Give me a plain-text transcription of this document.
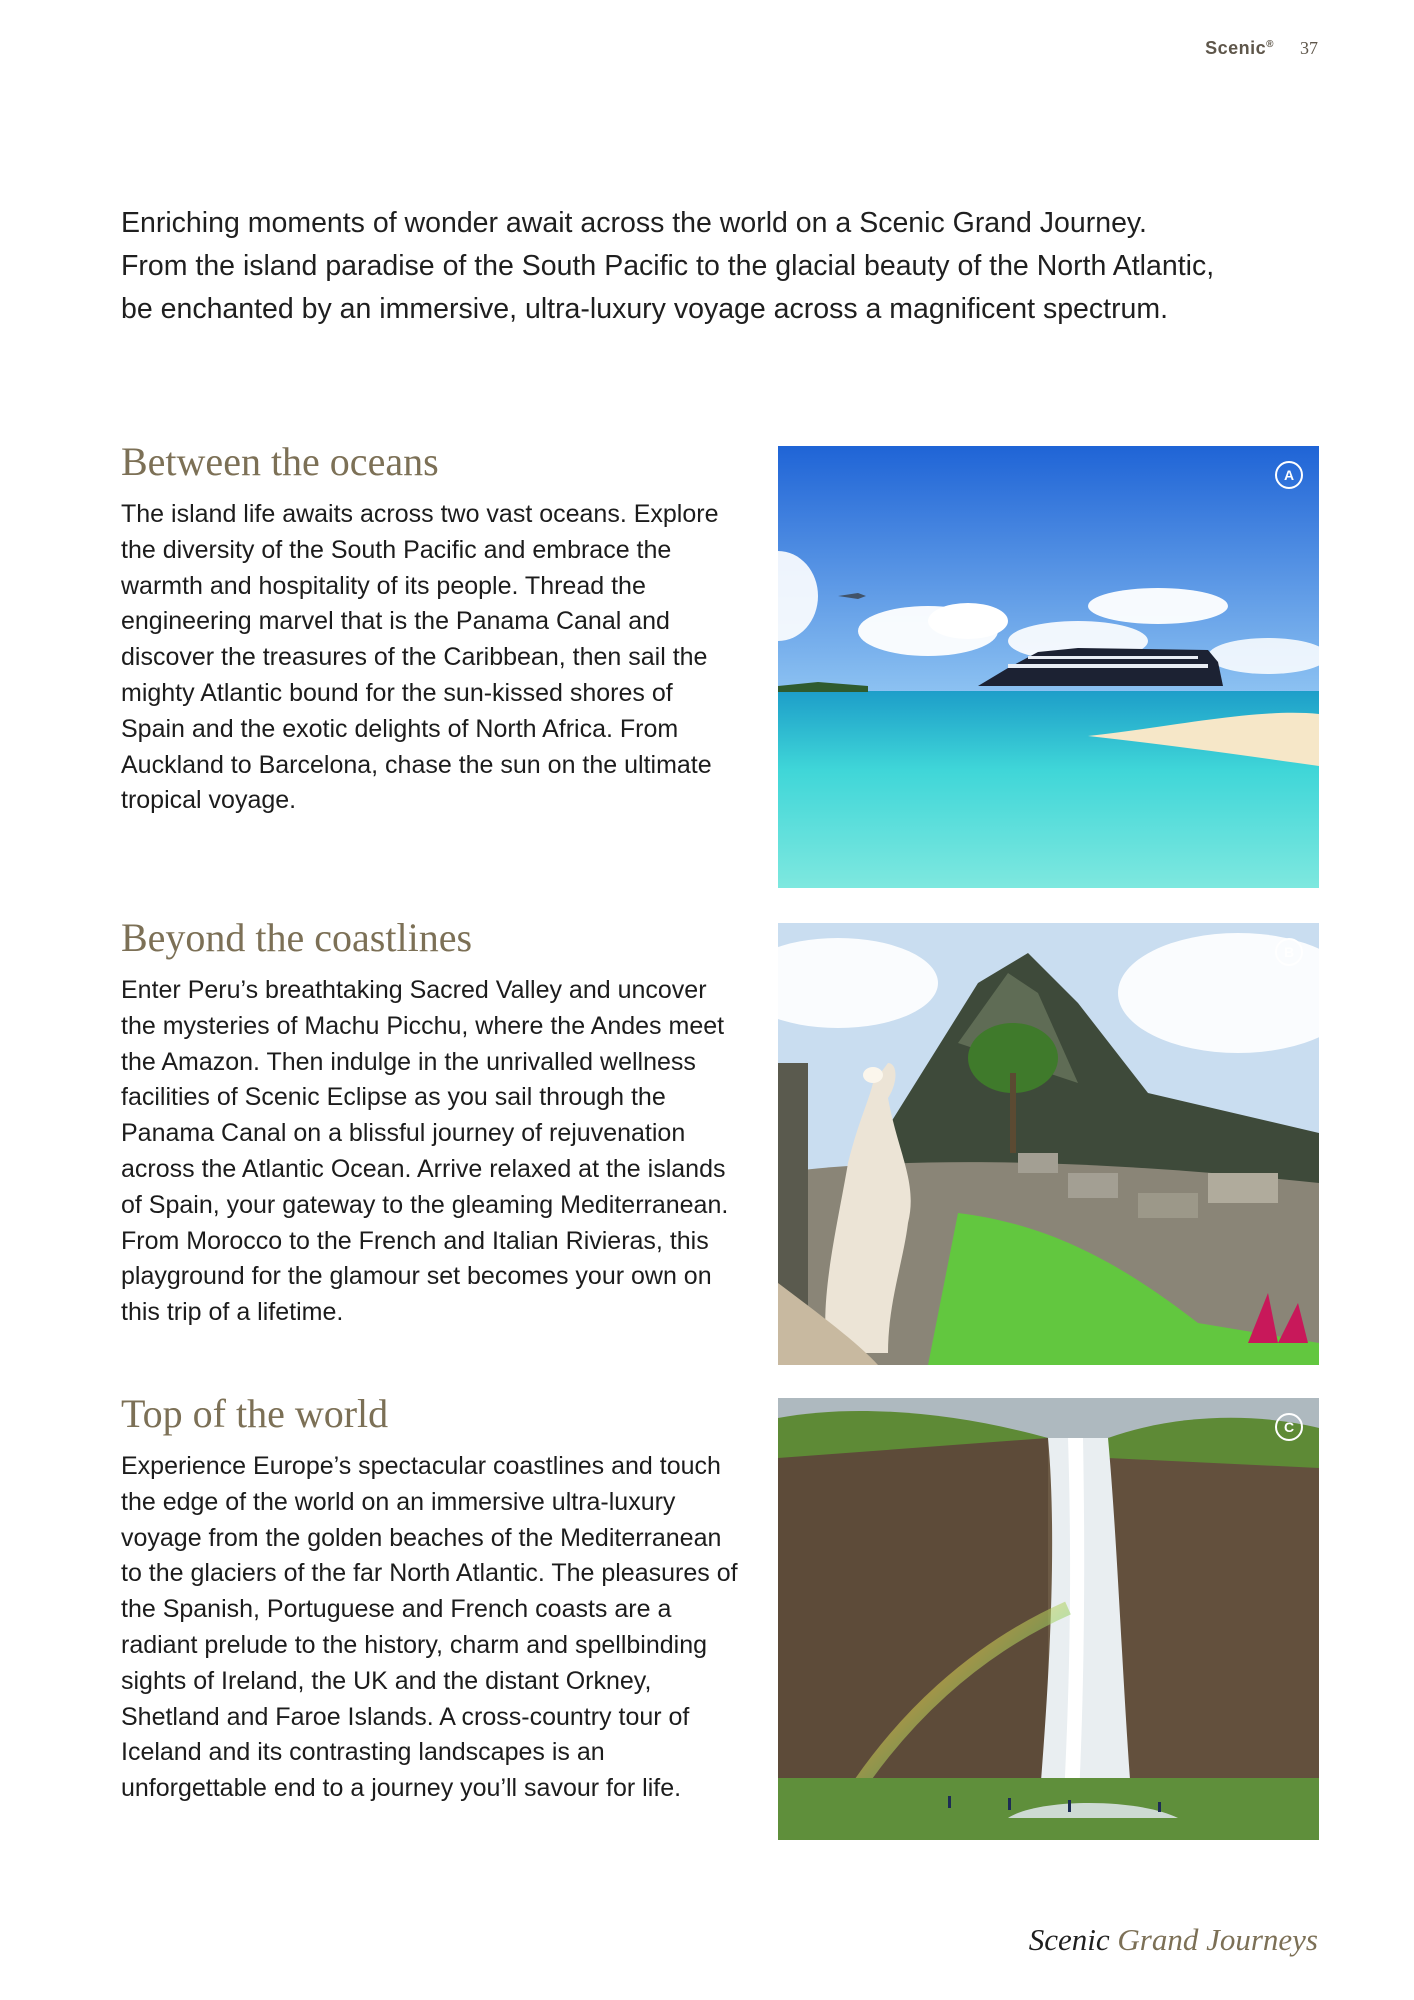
Scenic® 37

Enriching moments of wonder await across the world on a Scenic Grand Journey.

From the island paradise of the South Pacific to the glacial beauty of the North Atlantic,

be enchanted by an immersive, ultra-luxury voyage across a magnificent spectrum.

Between the oceans

The island life awaits across two vast oceans. Explore the diversity of the South Pacific and embrace the warmth and hospitality of its people. Thread the engineering marvel that is the Panama Canal and discover the treasures of the Caribbean, then sail the mighty Atlantic bound for the sun-kissed shores of Spain and the exotic delights of North Africa. From Auckland to Barcelona, chase the sun on the ultimate tropical voyage.

A
Beyond the coastlines

Enter Peru’s breathtaking Sacred Valley and uncover the mysteries of Machu Picchu, where the Andes meet the Amazon. Then indulge in the unrivalled wellness facilities of Scenic Eclipse as you sail through the Panama Canal on a blissful journey of rejuvenation across the Atlantic Ocean. Arrive relaxed at the islands of Spain, your gateway to the gleaming Mediterranean. From Morocco to the French and Italian Rivieras, this playground for the glamour set becomes your own on this trip of a lifetime.

B
Top of the world

Experience Europe’s spectacular coastlines and touch the edge of the world on an immersive ultra-luxury voyage from the golden beaches of the Mediterranean to the glaciers of the far North Atlantic. The pleasures of the Spanish, Portuguese and French coasts are a radiant prelude to the history, charm and spellbinding sights of Ireland, the UK and the distant Orkney, Shetland and Faroe Islands. A cross-country tour of Iceland and its contrasting landscapes is an unforgettable end to a journey you’ll savour for life.

C
Scenic Grand Journeys
